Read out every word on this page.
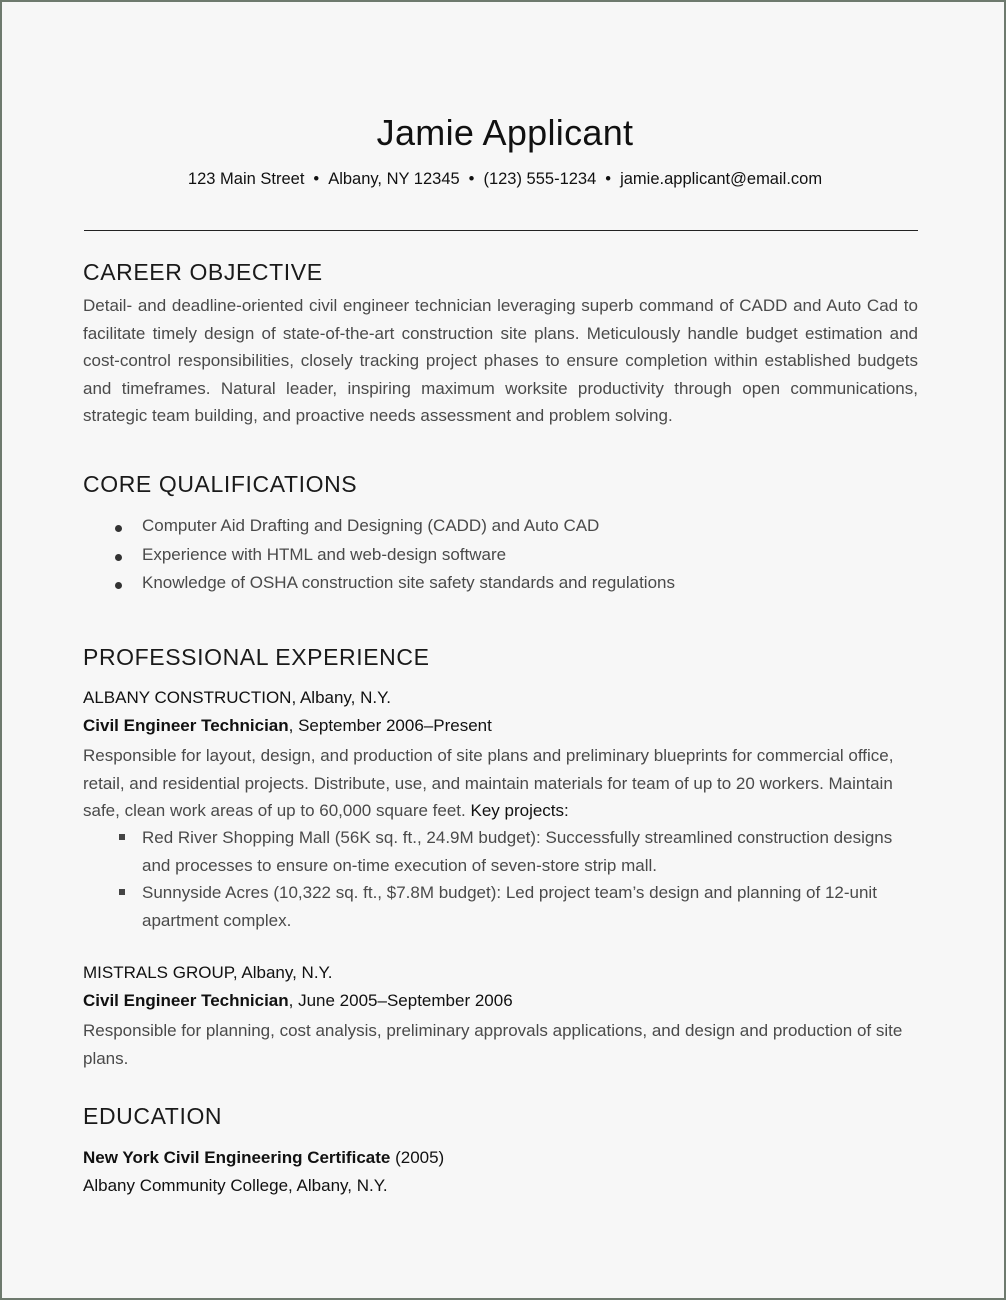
Jamie Applicant
123 Main Street • Albany, NY 12345 • (123) 555-1234 • jamie.applicant@email.com
CAREER OBJECTIVE
Detail- and deadline-oriented civil engineer technician leveraging superb command of CADD and Auto Cad to facilitate timely design of state-of-the-art construction site plans. Meticulously handle budget estimation and cost-control responsibilities, closely tracking project phases to ensure completion within established budgets and timeframes. Natural leader, inspiring maximum worksite productivity through open communications, strategic team building, and proactive needs assessment and problem solving.
CORE QUALIFICATIONS
Computer Aid Drafting and Designing (CADD) and Auto CAD
Experience with HTML and web-design software
Knowledge of OSHA construction site safety standards and regulations
PROFESSIONAL EXPERIENCE
ALBANY CONSTRUCTION, Albany, N.Y.
Civil Engineer Technician, September 2006–Present
Responsible for layout, design, and production of site plans and preliminary blueprints for commercial office, retail, and residential projects. Distribute, use, and maintain materials for team of up to 20 workers. Maintain safe, clean work areas of up to 60,000 square feet. Key projects:
Red River Shopping Mall (56K sq. ft., 24.9M budget): Successfully streamlined construction designs and processes to ensure on-time execution of seven-store strip mall.
Sunnyside Acres (10,322 sq. ft., $7.8M budget): Led project team’s design and planning of 12-unit apartment complex.
MISTRALS GROUP, Albany, N.Y.
Civil Engineer Technician, June 2005–September 2006
Responsible for planning, cost analysis, preliminary approvals applications, and design and production of site plans.
EDUCATION
New York Civil Engineering Certificate (2005)
Albany Community College, Albany, N.Y.
